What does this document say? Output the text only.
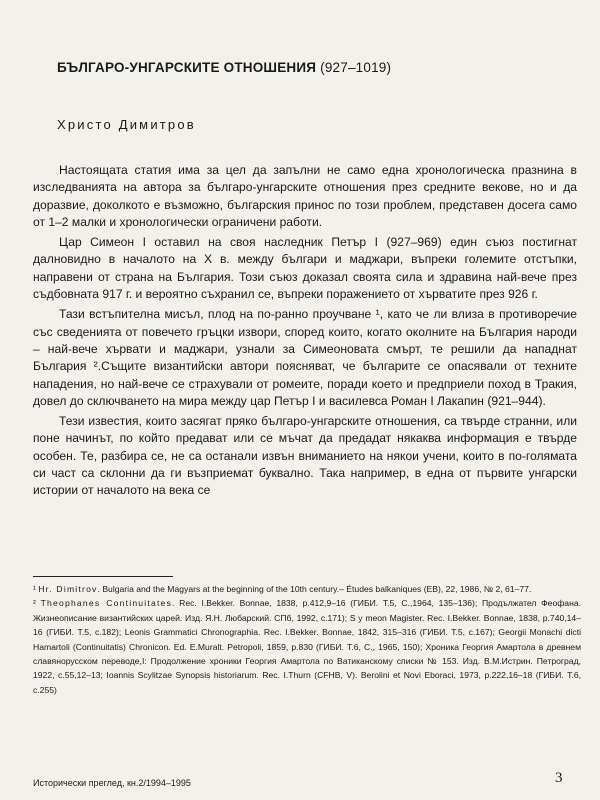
БЪЛГАРО-УНГАРСКИТЕ ОТНОШЕНИЯ (927–1019)
Христо Димитров

Настоящата статия има за цел да запълни не само една хронологическа празнина в изследванията на автора за българо-унгарските отношения през средните векове, но и да доразвие, доколкото е възможно, българския принос по този проблем, представен досега само от 1–2 малки и хронологически ограничени работи.

Цар Симеон I оставил на своя наследник Петър I (927–969) един съюз постигнат далновидно в началото на X в. между българи и маджари, въпреки големите отстъпки, направени от страна на България. Този съюз доказал своята сила и здравина най-вече през съдбовната 917 г. и вероятно съхранил се, въпреки поражението от хърватите през 926 г.

Тази встъпителна мисъл, плод на по-ранно проучване ¹, като че ли влиза в противоречие със сведенията от повечето гръцки извори, според които, когато околните на България народи – най-вече хървати и маджари, узнали за Симеоновата смърт, те решили да нападнат България ².Същите византийски автори поясняват, че българите се опасявали от техните нападения, но най-вече се страхували от ромеите, поради което и предприели поход в Тракия, довел до сключването на мира между цар Петър I и василевса Роман I Лакапин (921–944).

Тези известия, които засягат пряко българо-унгарските отношения, са твърде странни, или поне начинът, по който предават или се мъчат да предадат някаква информация е твърде особен. Те, разбира се, не са останали извън вниманието на някои учени, които в по-голямата си част са склонни да ги възприемат буквално. Така например, в една от първите унгарски истории от началото на века се

¹ Hr. Dimitrov. Bulgaria and the Magyars at the beginning of the 10th century.– Études balkaniques (EB), 22, 1986, № 2, 61–77.

² Theophanes Continuitates. Rec. I.Bekker. Bonnae, 1838, p.412,9–16 (ГИБИ. Т.5, С.,1964, 135–136); Продължател Феофана. Жизнеописание византийских царей. Изд. Я.Н. Любарский. СПб, 1992, с.171); S y meon Magister. Rec. I.Bekker. Bonnae, 1838, p.740,14–16 (ГИБИ. Т.5, с.182); Leonis Grammatici Chronographia. Rec. I.Bekker. Bonnae, 1842, 315–316 (ГИБИ. Т.5, с.167); Georgii Monachi dicti Hamartoli (Continuitatis) Chronicon. Ed. E.Muralt. Petropoli, 1859, p.830 (ГИБИ. Т.6, С., 1965, 150); Хроника Георгия Амартола в древнем славянорусском переводе,I: Продолжение хроники Георгия Амартола по Ватиканскому списки № 153. Изд. В.М.Истрин. Петроград, 1922, с.55,12–13; Ioannis Scylitzae Synopsis historiarum. Rec. I.Thurn (CFHB, V). Berolini et Novi Eboraci, 1973, p.222,16–18 (ГИБИ. Т.6, с.255)

Исторически преглед, кн.2/1994–1995	3
